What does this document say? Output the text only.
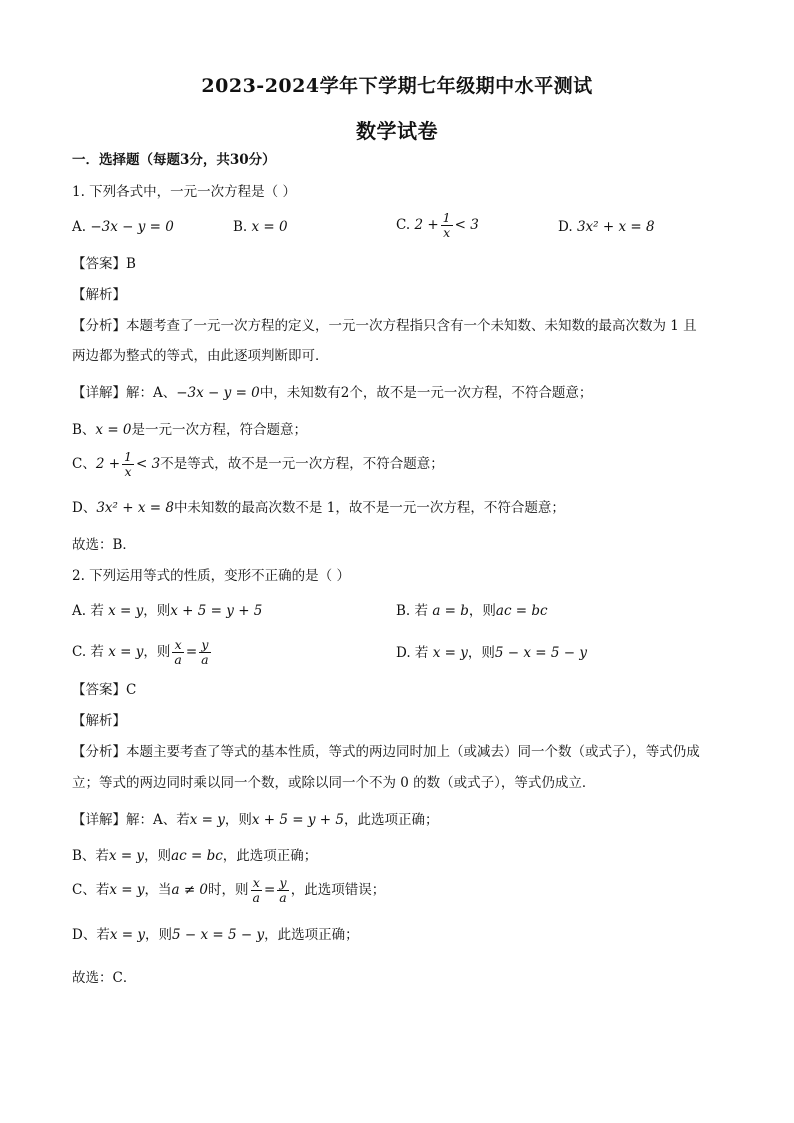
2023-2024学年下学期七年级期中水平测试
数学试卷
一．选择题（每题3分，共30分）
1. 下列各式中，一元一次方程是（ ）
A. −3x − y = 0	B. x = 0	C. $2 + \frac{1}{x} < 3$	D. 3x² + x = 8
【答案】B
【解析】
【分析】本题考查了一元一次方程的定义，一元一次方程指只含有一个未知数、未知数的最高次数为 1 且
两边都为整式的等式，由此逐项判断即可．
【详解】解：A、−3x − y = 0中，未知数有2个，故不是一元一次方程，不符合题意；
B、x = 0是一元一次方程，符合题意；
C、$2 + \frac{1}{x} < 3$不是等式，故不是一元一次方程，不符合题意；
D、3x² + x = 8中未知数的最高次数不是 1，故不是一元一次方程，不符合题意；
故选：B．
2. 下列运用等式的性质，变形不正确的是（ ）
A. 若 x = y，则x + 5 = y + 5	B. 若 a = b，则ac = bc
C. 若 x = y，则 $\frac{x}{a} = \frac{y}{a}$	D. 若 x = y，则5 − x = 5 − y
【答案】C
【解析】
【分析】本题主要考查了等式的基本性质，等式的两边同时加上（或减去）同一个数（或式子），等式仍成
立；等式的两边同时乘以同一个数，或除以同一个不为 0 的数（或式子），等式仍成立．
【详解】解：A、若x = y，则x + 5 = y + 5，此选项正确；
B、若x = y，则ac = bc，此选项正确；
C、若x = y，当a ≠ 0时，则 $\frac{x}{a} = \frac{y}{a}$ ，此选项错误；
D、若x = y，则5 − x = 5 − y，此选项正确；
故选：C．
